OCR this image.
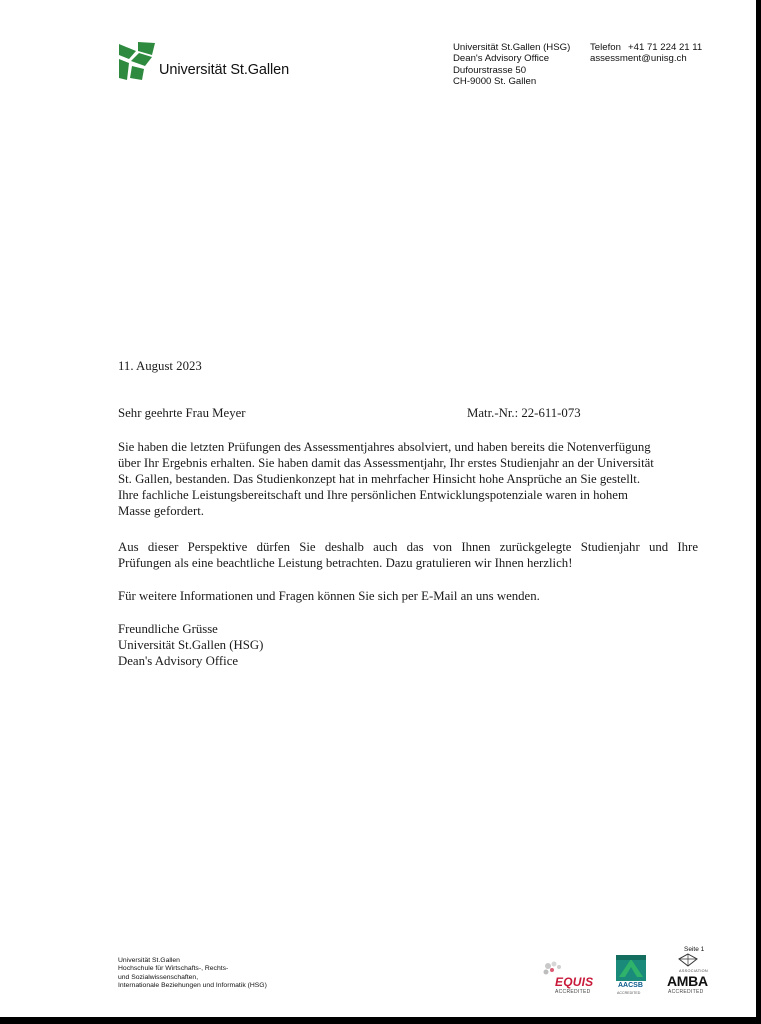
Universität St.Gallen
Universität St.Gallen (HSG)
Dean's Advisory Office
Dufourstrasse 50
CH-9000 St. Gallen
Telefon +41 71 224 21 11
assessment@unisg.ch
11. August 2023
Sehr geehrte Frau Meyer	Matr.-Nr.: 22-611-073
Sie haben die letzten Prüfungen des Assessmentjahres absolviert, und haben bereits die Notenverfügung
über Ihr Ergebnis erhalten. Sie haben damit das Assessmentjahr, Ihr erstes Studienjahr an der Universität
St. Gallen, bestanden. Das Studienkonzept hat in mehrfacher Hinsicht hohe Ansprüche an Sie gestellt.
Ihre fachliche Leistungsbereitschaft und Ihre persönlichen Entwicklungspotenziale waren in hohem
Masse gefordert.
Aus dieser Perspektive dürfen Sie deshalb auch das von Ihnen zurückgelegte Studienjahr und Ihre
Prüfungen als eine beachtliche Leistung betrachten. Dazu gratulieren wir Ihnen herzlich!
Für weitere Informationen und Fragen können Sie sich per E-Mail an uns wenden.
Freundliche Grüsse
Universität St.Gallen (HSG)
Dean's Advisory Office
Universität St.Gallen
Hochschule für Wirtschafts-, Rechts-
und Sozialwissenschaften,
Internationale Beziehungen und Informatik (HSG)
Seite 1
EQUIS
ACCREDITED
AACSB
ACCREDITED
ASSOCIATION
AMBA
ACCREDITED
